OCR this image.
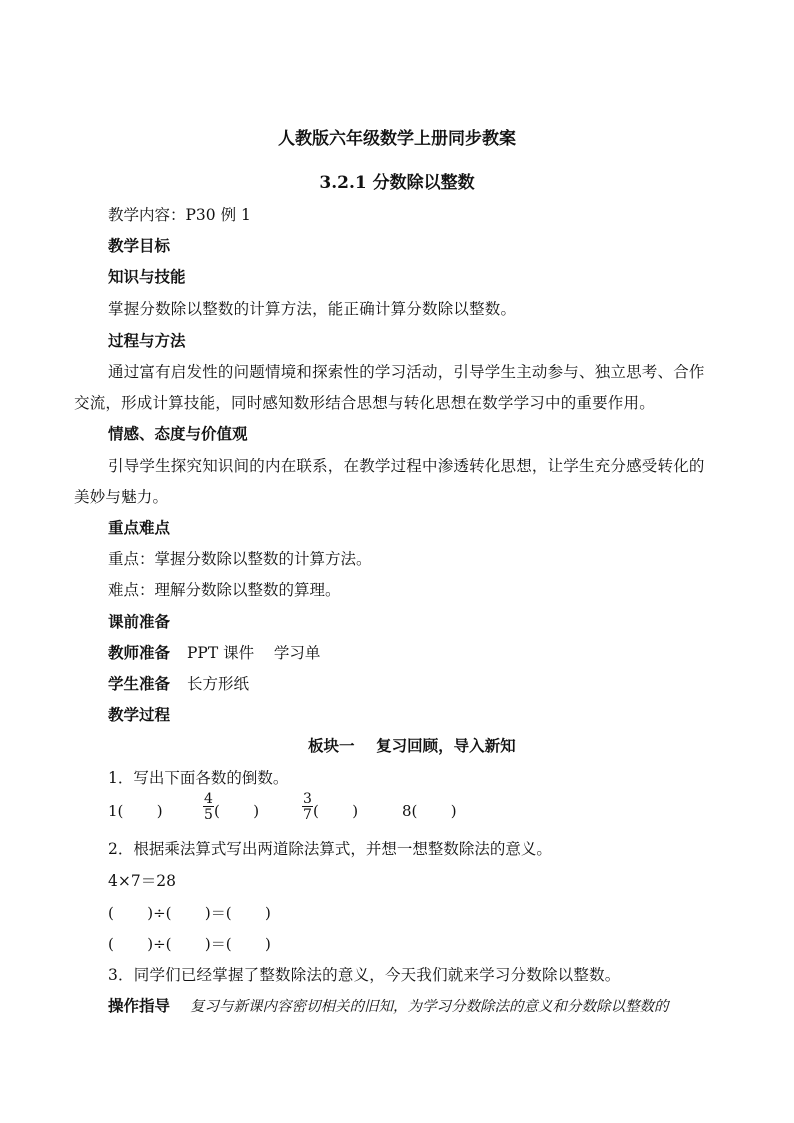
人教版六年级数学上册同步教案
3.2.1 分数除以整数
教学内容：P30 例 1
教学目标
知识与技能
掌握分数除以整数的计算方法，能正确计算分数除以整数。
过程与方法
通过富有启发性的问题情境和探索性的学习活动，引导学生主动参与、独立思考、合作
交流，形成计算技能，同时感知数形结合思想与转化思想在数学学习中的重要作用。
情感、态度与价值观
引导学生探究知识间的内在联系，在教学过程中渗透转化思想，让学生充分感受转化的
美妙与魅力。
重点难点
重点：掌握分数除以整数的计算方法。
难点：理解分数除以整数的算理。
课前准备
教师准备 PPT 课件    学习单
学生准备 长方形纸
教学过程
板块一    复习回顾，导入新知
1．写出下面各数的倒数。
1(       )	$\frac{4}{5}$ (       )	$\frac{3}{7}$ (       )	8(       )
2．根据乘法算式写出两道除法算式，并想一想整数除法的意义。
4×7＝28
(       )÷(       )＝(       )
(       )÷(       )＝(       )
3．同学们已经掌握了整数除法的意义，今天我们就来学习分数除以整数。
操作指导 复习与新课内容密切相关的旧知，为学习分数除法的意义和分数除以整数的
